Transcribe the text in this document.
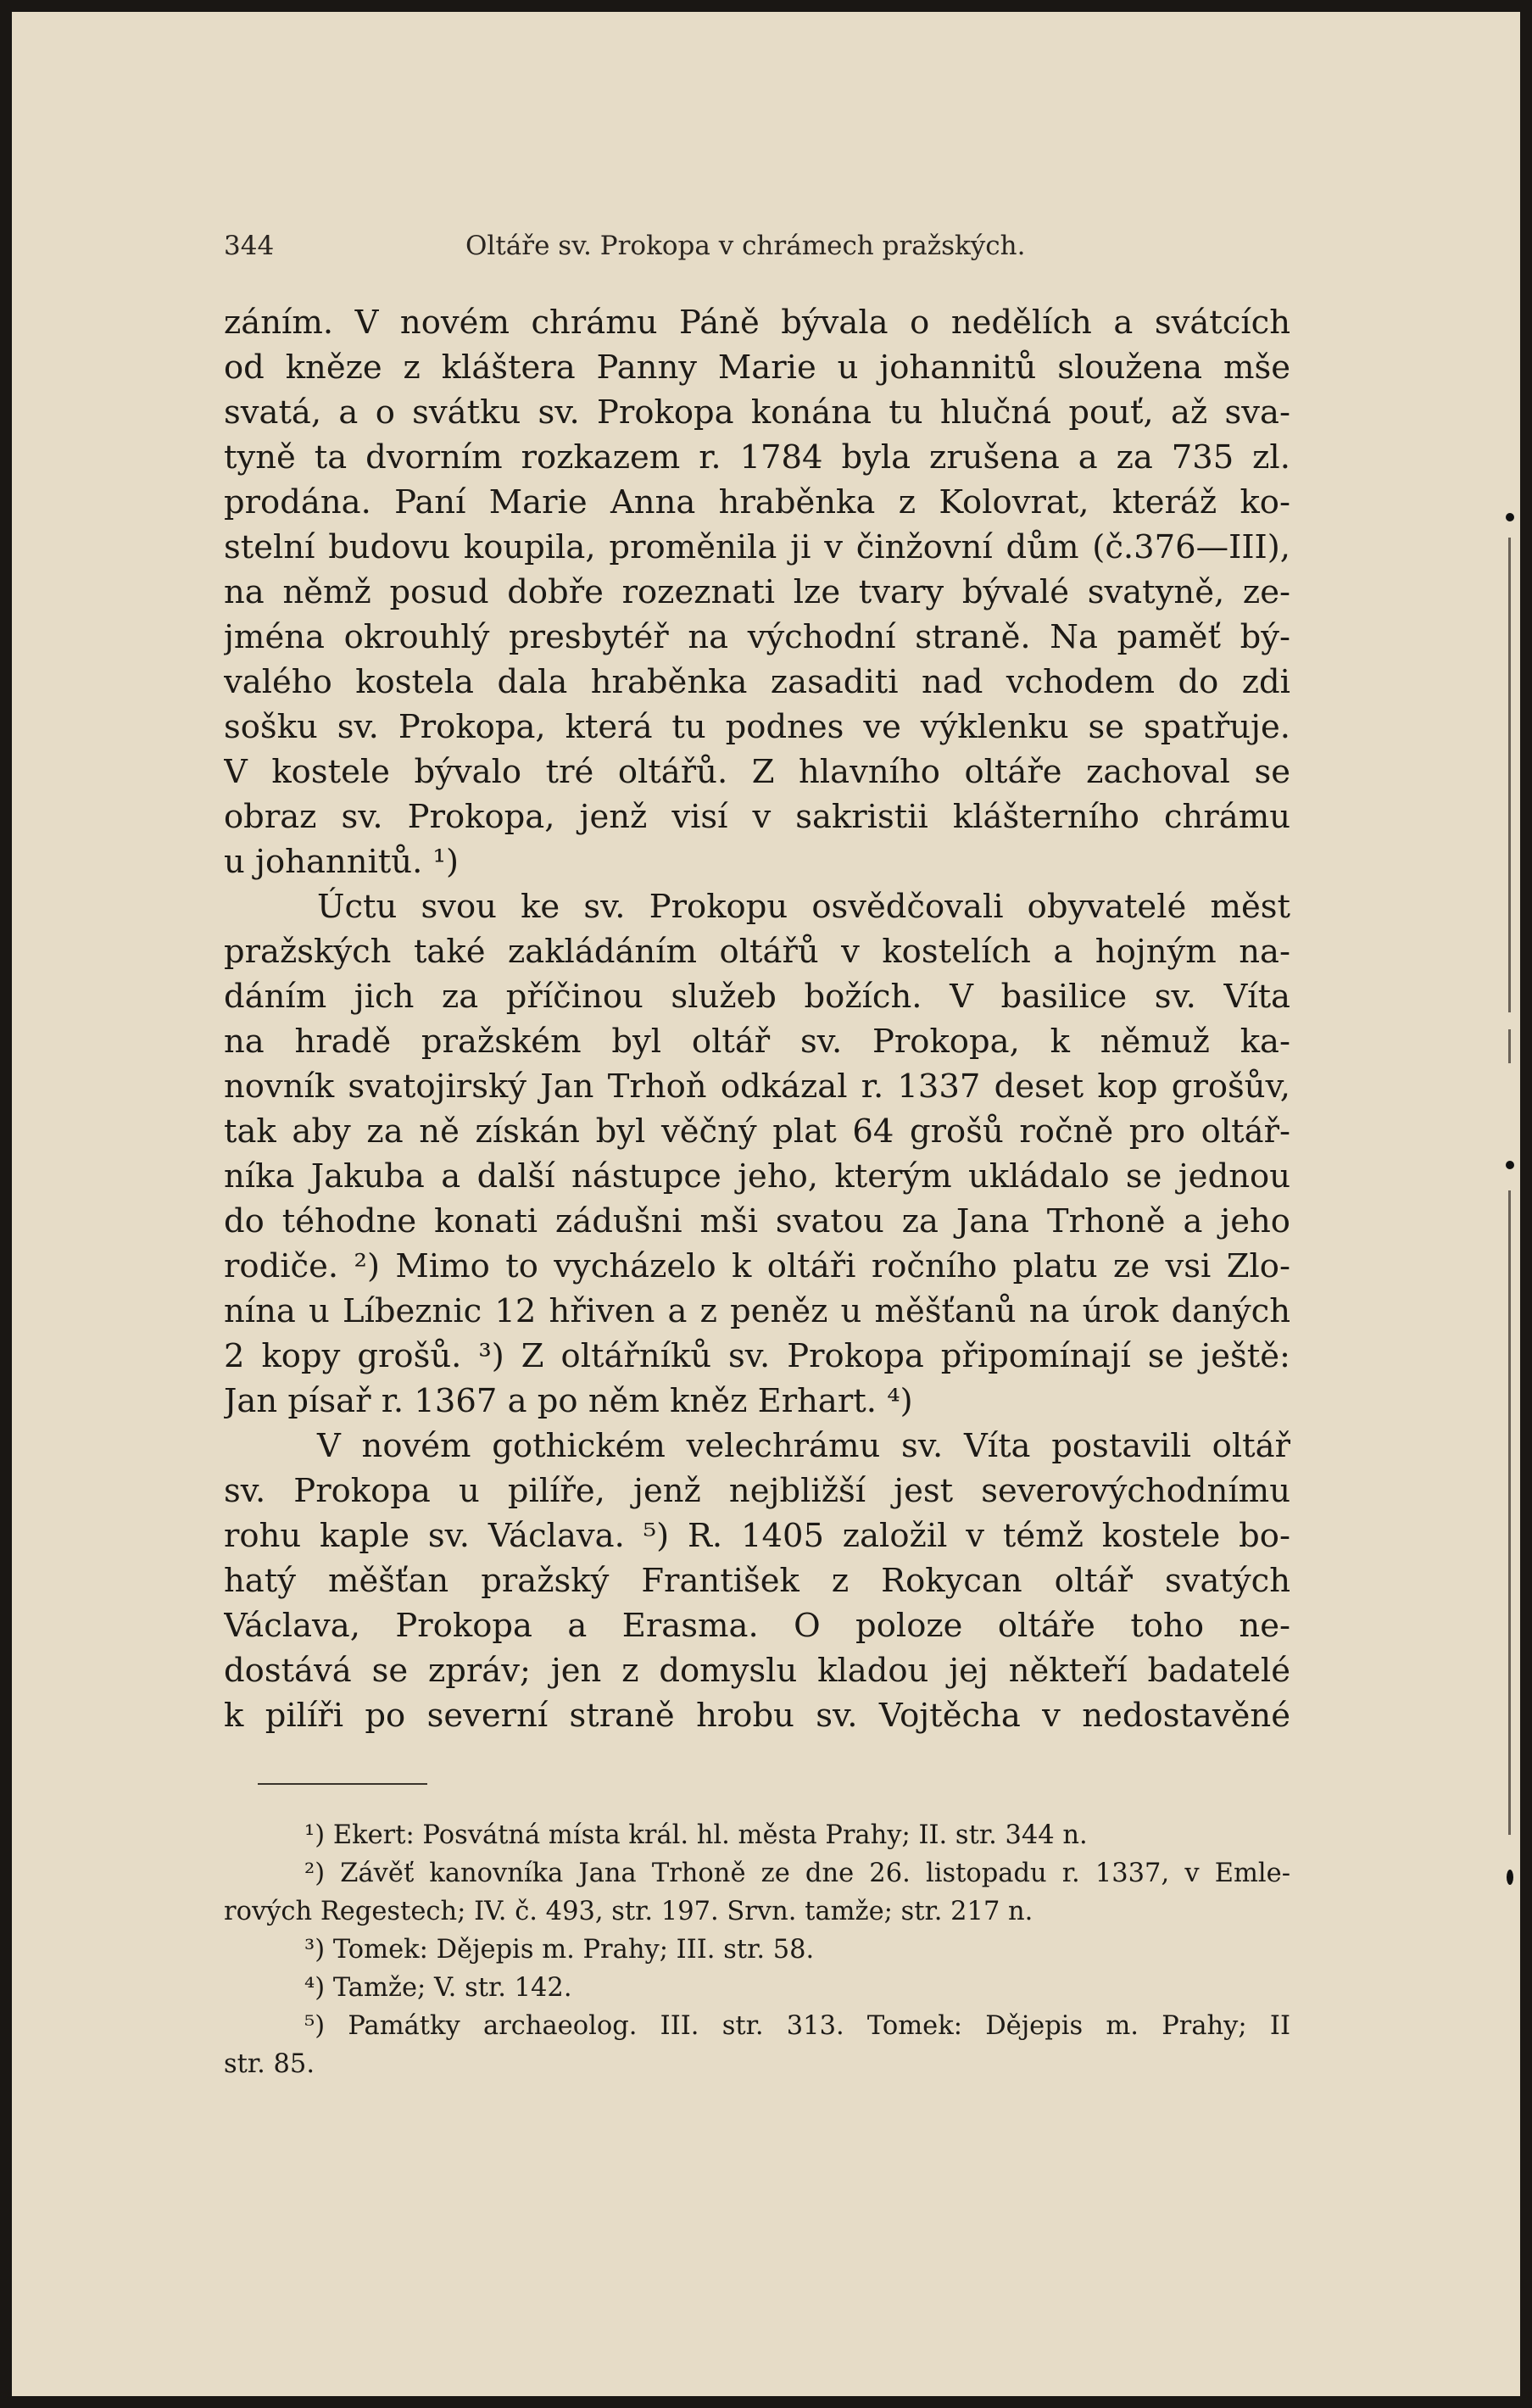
344	Oltáře sv. Prokopa v chrámech pražských.
záním. V novém chrámu Páně bývala o nedělích a svátcích
od kněze z kláštera Panny Marie u johannitů sloužena mše
svatá, a o svátku sv. Prokopa konána tu hlučná pouť, až sva-
tyně ta dvorním rozkazem r. 1784 byla zrušena a za 735 zl.
prodána. Paní Marie Anna hraběnka z Kolovrat, kteráž ko-
stelní budovu koupila, proměnila ji v činžovní dům (č.376—III),
na němž posud dobře rozeznati lze tvary bývalé svatyně, ze-
jména okrouhlý presbytéř na východní straně. Na paměť bý-
valého kostela dala hraběnka zasaditi nad vchodem do zdi
sošku sv. Prokopa, která tu podnes ve výklenku se spatřuje.
V kostele bývalo tré oltářů. Z hlavního oltáře zachoval se
obraz sv. Prokopa, jenž visí v sakristii klášterního chrámu
u johannitů. ¹)
Úctu svou ke sv. Prokopu osvědčovali obyvatelé měst
pražských také zakládáním oltářů v kostelích a hojným na-
dáním jich za příčinou služeb božích. V basilice sv. Víta
na hradě pražském byl oltář sv. Prokopa, k němuž ka-
novník svatojirský Jan Trhoň odkázal r. 1337 deset kop grošův,
tak aby za ně získán byl věčný plat 64 grošů ročně pro oltář-
níka Jakuba a další nástupce jeho, kterým ukládalo se jednou
do téhodne konati zádušni mši svatou za Jana Trhoně a jeho
rodiče. ²) Mimo to vycházelo k oltáři ročního platu ze vsi Zlo-
nína u Líbeznic 12 hřiven a z peněz u měšťanů na úrok daných
2 kopy grošů. ³) Z oltářníků sv. Prokopa připomínají se ještě:
Jan písař r. 1367 a po něm kněz Erhart. ⁴)
V novém gothickém velechrámu sv. Víta postavili oltář
sv. Prokopa u pilíře, jenž nejbližší jest severovýchodnímu
rohu kaple sv. Václava. ⁵) R. 1405 založil v témž kostele bo-
hatý měšťan pražský František z Rokycan oltář svatých
Václava, Prokopa a Erasma. O poloze oltáře toho ne-
dostává se zpráv; jen z domyslu kladou jej někteří badatelé
k pilíři po severní straně hrobu sv. Vojtěcha v nedostavěné
¹) Ekert: Posvátná místa král. hl. města Prahy; II. str. 344 n.
²) Závěť kanovníka Jana Trhoně ze dne 26. listopadu r. 1337, v Emle-
rových Regestech; IV. č. 493, str. 197. Srvn. tamže; str. 217 n.
³) Tomek: Dějepis m. Prahy; III. str. 58.
⁴) Tamže; V. str. 142.
⁵) Památky archaeolog. III. str. 313. Tomek: Dějepis m. Prahy; II
str. 85.
